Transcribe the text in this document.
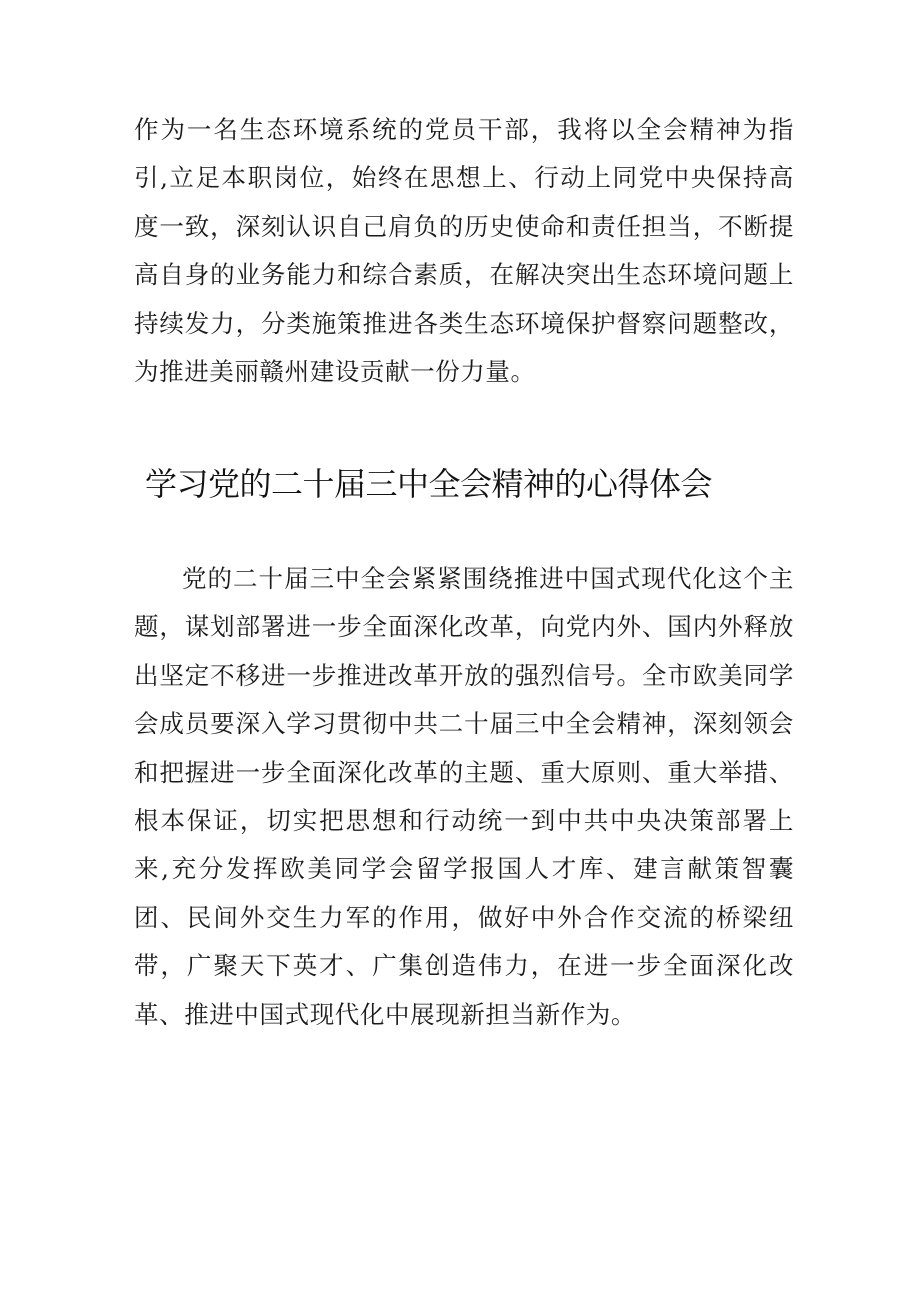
作为一名生态环境系统的党员干部，我将以全会精神为指引,立足本职岗位，始终在思想上、行动上同党中央保持高度一致，深刻认识自己肩负的历史使命和责任担当，不断提高自身的业务能力和综合素质，在解决突出生态环境问题上持续发力，分类施策推进各类生态环境保护督察问题整改，为推进美丽赣州建设贡献一份力量。

学习党的二十届三中全会精神的心得体会

党的二十届三中全会紧紧围绕推进中国式现代化这个主题，谋划部署进一步全面深化改革，向党内外、国内外释放出坚定不移进一步推进改革开放的强烈信号。全市欧美同学会成员要深入学习贯彻中共二十届三中全会精神，深刻领会和把握进一步全面深化改革的主题、重大原则、重大举措、根本保证，切实把思想和行动统一到中共中央决策部署上来,充分发挥欧美同学会留学报国人才库、建言献策智囊团、民间外交生力军的作用，做好中外合作交流的桥梁纽带，广聚天下英才、广集创造伟力，在进一步全面深化改革、推进中国式现代化中展现新担当新作为。
